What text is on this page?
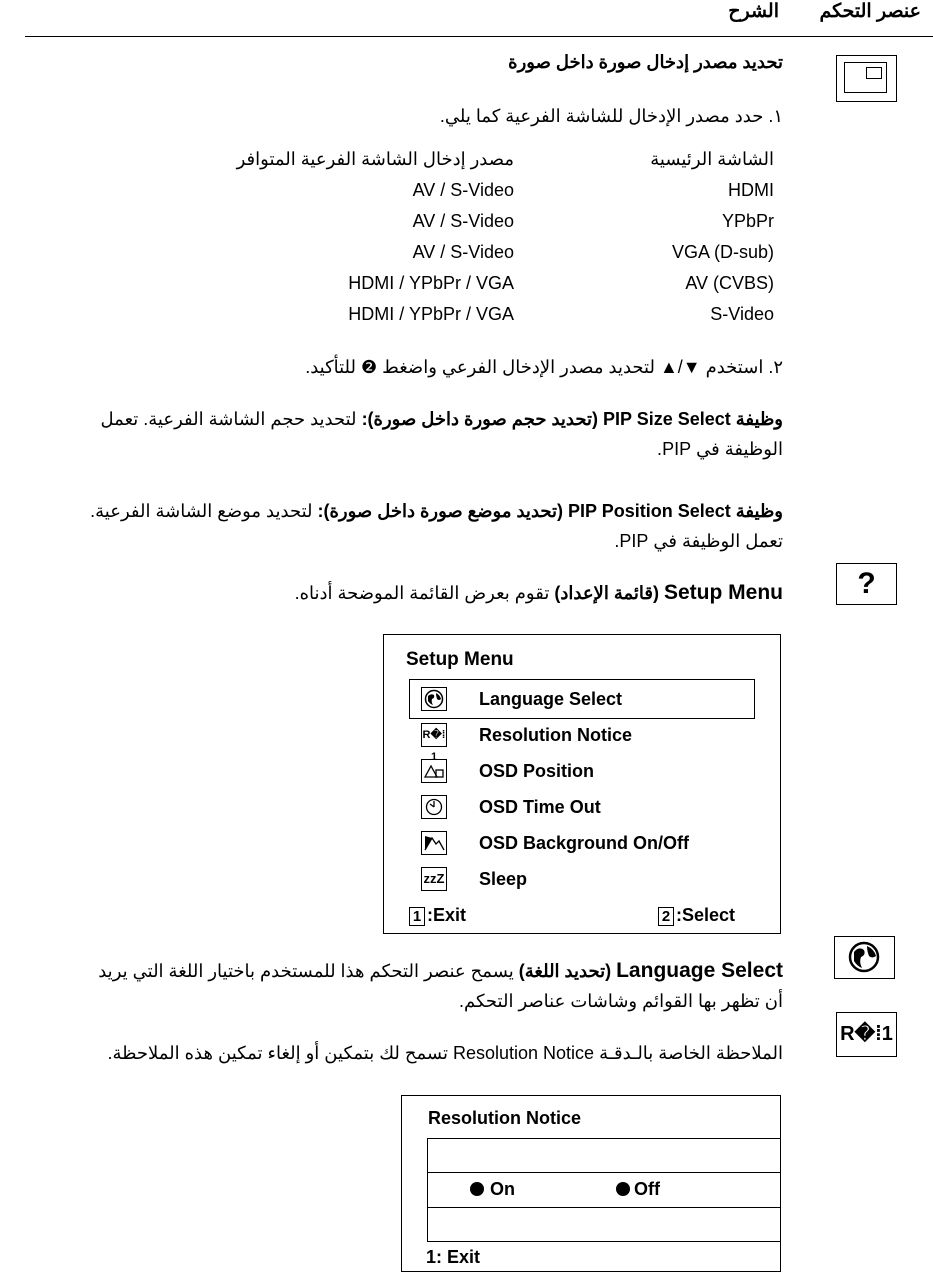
عنصر التحكم
الشرح
تحديد مصدر إدخال صورة داخل صورة
١. حدد مصدر الإدخال للشاشة الفرعية كما يلي.
الشاشة الرئيسية	مصدر إدخال الشاشة الفرعية المتوافر
HDMI	AV / S-Video
YPbPr	AV / S-Video
VGA (D-sub)	AV / S-Video
AV (CVBS)	HDMI / YPbPr / VGA
S-Video	HDMI / YPbPr / VGA
٢. استخدم ▼/▲ لتحديد مصدر الإدخال الفرعي واضغط ❷ للتأكيد.
وظيفة PIP Size Select (تحديد حجم صورة داخل صورة): لتحديد حجم الشاشة الفرعية. تعمل
الوظيفة في PIP.
وظيفة PIP Position Select (تحديد موضع صورة داخل صورة): لتحديد موضع الشاشة الفرعية.
تعمل الوظيفة في PIP.
?
Setup Menu (قائمة الإعداد) تقوم بعرض القائمة الموضحة أدناه.
Setup Menu
Language Select
R�⁞1
Resolution Notice
OSD Position
OSD Time Out
OSD Background On/Off
zzZ Sleep
1 :Exit	2 :Select
Language Select (تحديد اللغة) يسمح عنصر التحكم هذا للمستخدم باختيار اللغة التي يريد
أن تظهر بها القوائم وشاشات عناصر التحكم.
R�⁞1
الملاحظة الخاصة بالـدقـة Resolution Notice تسمح لك بتمكين أو إلغاء تمكين هذه الملاحظة.
Resolution Notice
On	Off
1: Exit
